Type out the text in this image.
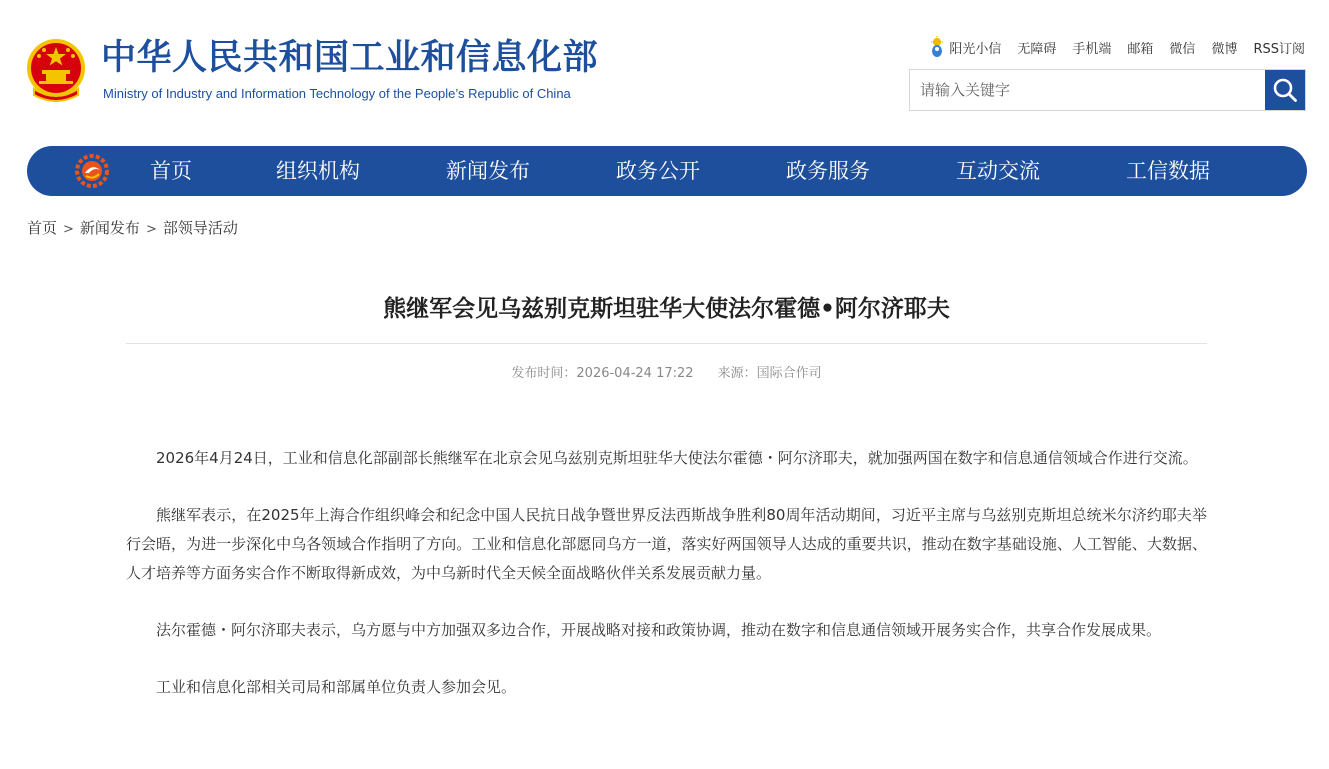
中华人民共和国工业和信息化部
Ministry of Industry and Information Technology of the People’s Republic of China
阳光小信 无障碍 手机端 邮箱 微信 微博 RSS订阅
请输入关键字
首页	组织机构	新闻发布	政务公开	政务服务	互动交流	工信数据
首页 > 新闻发布 > 部领导活动
熊继军会见乌兹别克斯坦驻华大使法尔霍德•阿尔济耶夫
发布时间：2026-04-24 17:22 来源：国际合作司

2026年4月24日，工业和信息化部副部长熊继军在北京会见乌兹别克斯坦驻华大使法尔霍德・阿尔济耶夫，就加强两国在数字和信息通信领域合作进行交流。

熊继军表示，在2025年上海合作组织峰会和纪念中国人民抗日战争暨世界反法西斯战争胜利80周年活动期间，习近平主席与乌兹别克斯坦总统米尔济约耶夫举行会晤，为进一步深化中乌各领域合作指明了方向。工业和信息化部愿同乌方一道，落实好两国领导人达成的重要共识，推动在数字基础设施、人工智能、大数据、人才培养等方面务实合作不断取得新成效，为中乌新时代全天候全面战略伙伴关系发展贡献力量。

法尔霍德・阿尔济耶夫表示，乌方愿与中方加强双多边合作，开展战略对接和政策协调，推动在数字和信息通信领域开展务实合作，共享合作发展成果。

工业和信息化部相关司局和部属单位负责人参加会见。
